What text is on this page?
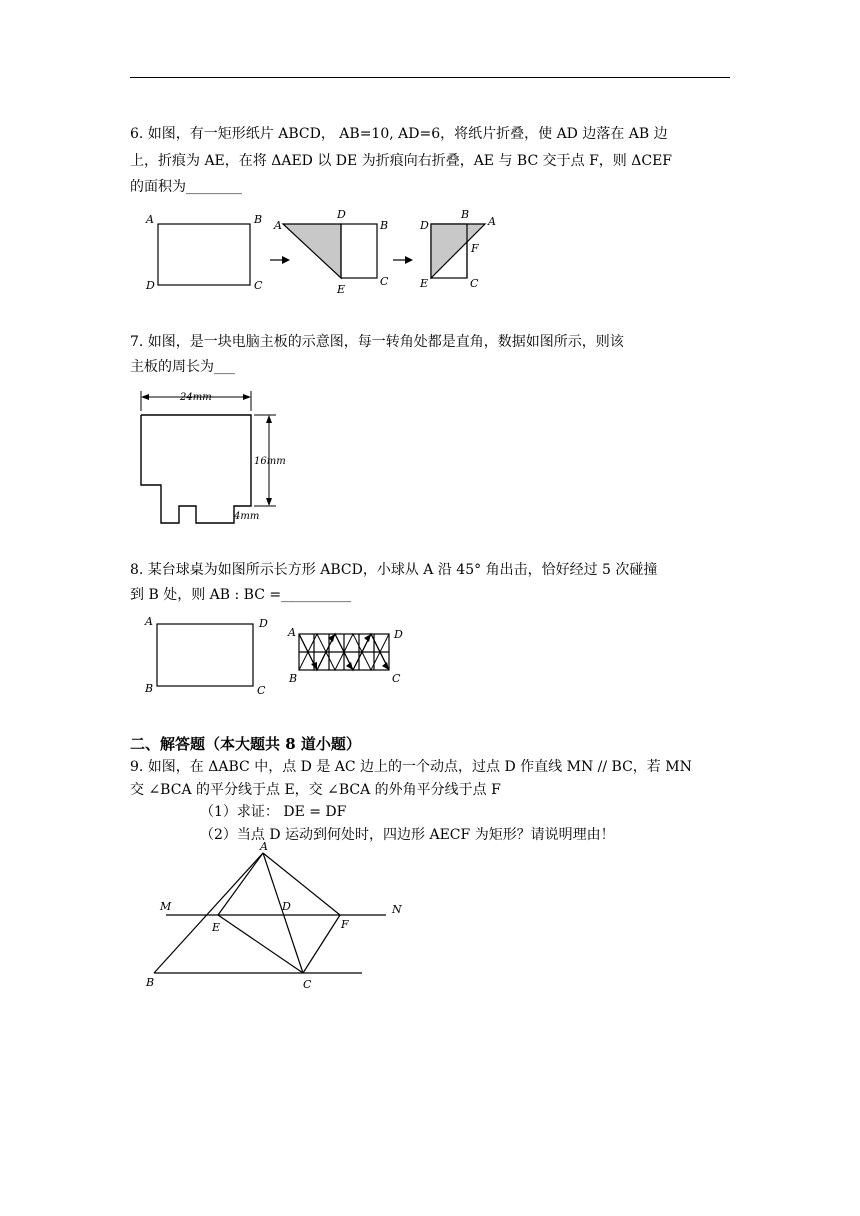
6. 如图，有一矩形纸片 ABCD， AB=10, AD=6，将纸片折叠，使 AD 边落在 AB 边
上，折痕为 AE，在将 ΔAED 以 DE 为折痕向右折叠，AE 与 BC 交于点 F，则 ΔCEF
的面积为________
A	B
D	C
A
D
B
E
C
D
B
A
F
E	C
7. 如图，是一块电脑主板的示意图，每一转角处都是直角，数据如图所示，则该
主板的周长为___
24mm
16mm
4mm
8. 某台球桌为如图所示长方形 ABCD，小球从 A 沿 45° 角出击，恰好经过 5 次碰撞
到 B 处，则 AB : BC =__________
A	D
B	C
A	D
B	C
二、解答题（本大题共 8 道小题）
9. 如图，在 ΔABC 中，点 D 是 AC 边上的一个动点，过点 D 作直线 MN // BC，若 MN
交 ∠BCA 的平分线于点 E，交 ∠BCA 的外角平分线于点 F
（1）求证： DE = DF
（2）当点 D 运动到何处时，四边形 AECF 为矩形？请说明理由！
A
M	D	N
E	F
B	C
